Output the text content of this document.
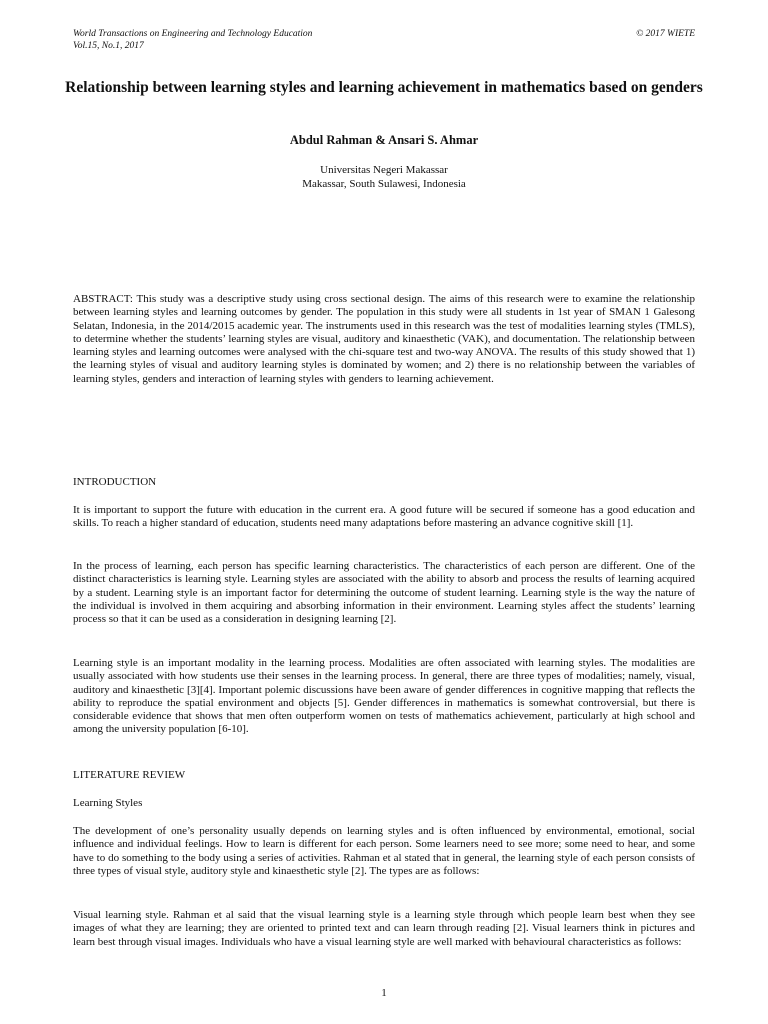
World Transactions on Engineering and Technology Education
Vol.15, No.1, 2017
© 2017 WIETE
Relationship between learning styles and learning achievement in mathematics based on genders
Abdul Rahman & Ansari S. Ahmar
Universitas Negeri Makassar
Makassar, South Sulawesi, Indonesia
ABSTRACT: This study was a descriptive study using cross sectional design. The aims of this research were to examine the relationship between learning styles and learning outcomes by gender. The population in this study were all students in 1st year of SMAN 1 Galesong Selatan, Indonesia, in the 2014/2015 academic year. The instruments used in this research was the test of modalities learning styles (TMLS), to determine whether the students’ learning styles are visual, auditory and kinaesthetic (VAK), and documentation. The relationship between learning styles and learning outcomes were analysed with the chi-square test and two-way ANOVA. The results of this study showed that 1) the learning styles of visual and auditory learning styles is dominated by women; and 2) there is no relationship between the variables of learning styles, genders and interaction of learning styles with genders to learning achievement.
INTRODUCTION
It is important to support the future with education in the current era. A good future will be secured if someone has a good education and skills. To reach a higher standard of education, students need many adaptations before mastering an advance cognitive skill [1].
In the process of learning, each person has specific learning characteristics. The characteristics of each person are different. One of the distinct characteristics is learning style. Learning styles are associated with the ability to absorb and process the results of learning acquired by a student. Learning style is an important factor for determining the outcome of student learning. Learning style is the way the nature of the individual is involved in them acquiring and absorbing information in their environment. Learning styles affect the students’ learning process so that it can be used as a consideration in designing learning [2].
Learning style is an important modality in the learning process. Modalities are often associated with learning styles. The modalities are usually associated with how students use their senses in the learning process. In general, there are three types of modalities; namely, visual, auditory and kinaesthetic [3][4]. Important polemic discussions have been aware of gender differences in cognitive mapping that reflects the ability to reproduce the spatial environment and objects [5]. Gender differences in mathematics is somewhat controversial, but there is considerable evidence that shows that men often outperform women on tests of mathematics achievement, particularly at high school and among the university population [6-10].
LITERATURE REVIEW
Learning Styles
The development of one’s personality usually depends on learning styles and is often influenced by environmental, emotional, social influence and individual feelings. How to learn is different for each person. Some learners need to see more; some need to hear, and some have to do something to the body using a series of activities. Rahman et al stated that in general, the learning style of each person consists of three types of visual style, auditory style and kinaesthetic style [2]. The types are as follows:
Visual learning style. Rahman et al said that the visual learning style is a learning style through which people learn best when they see images of what they are learning; they are oriented to printed text and can learn through reading [2]. Visual learners think in pictures and learn best through visual images. Individuals who have a visual learning style are well marked with behavioural characteristics as follows:
1
